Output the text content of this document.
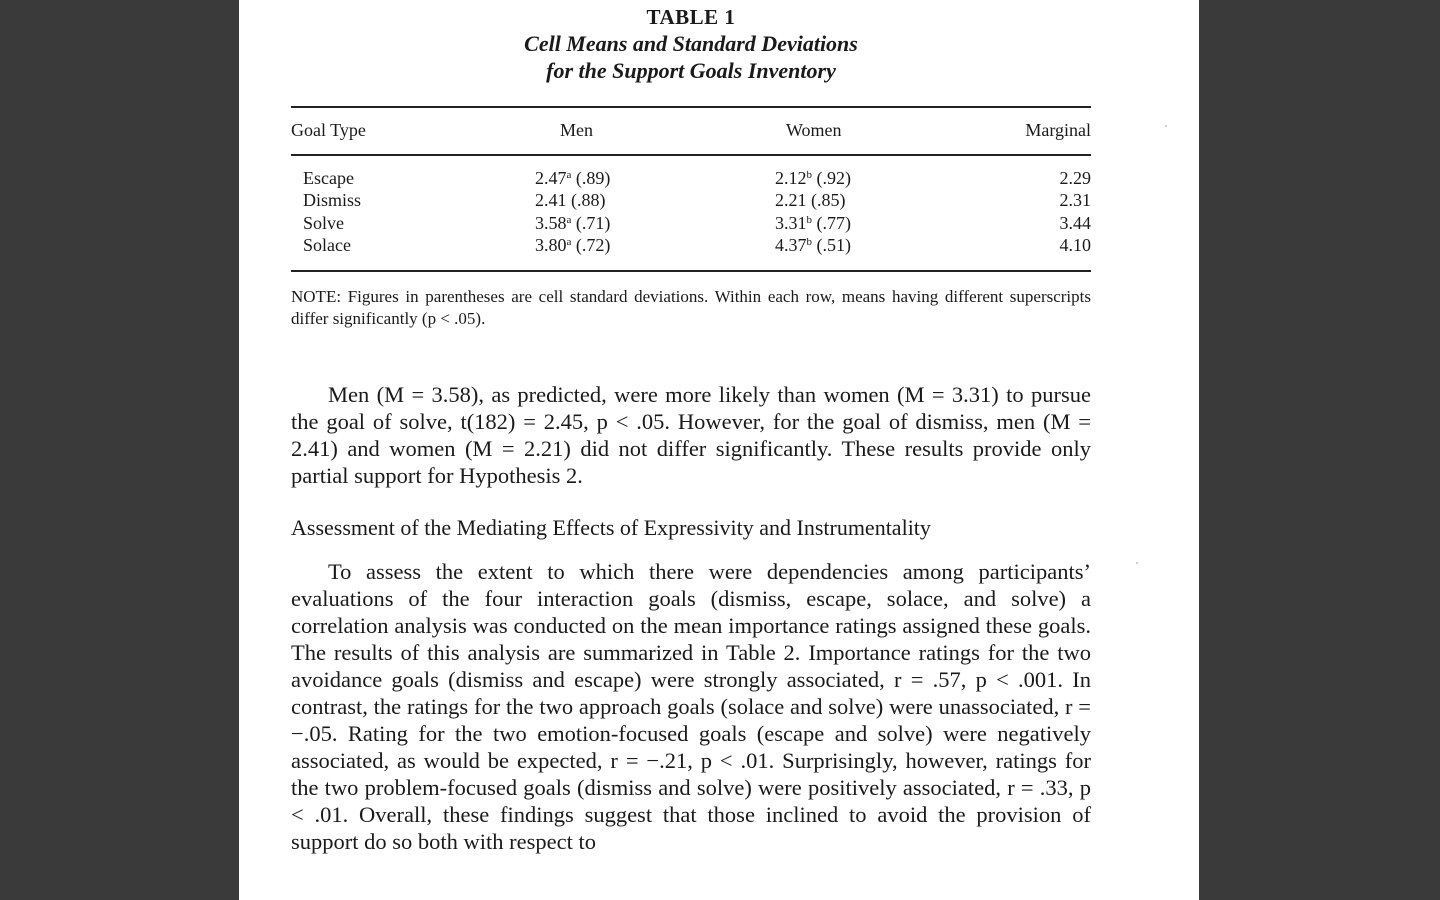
TABLE 1
Cell Means and Standard Deviations
for the Support Goals Inventory
Goal Type	Men	Women	Marginal
Escape	2.47$^a$ (.89)	2.12$^b$ (.92)	2.29
Dismiss	2.41 (.88)	2.21 (.85)	2.31
Solve	3.58$^a$ (.71)	3.31$^b$ (.77)	3.44
Solace	3.80$^a$ (.72)	4.37$^b$ (.51)	4.10
NOTE: Figures in parentheses are cell standard deviations. Within each row, means having different superscripts differ significantly (p < .05).
Men (M = 3.58), as predicted, were more likely than women (M = 3.31) to pursue the goal of solve, t(182) = 2.45, p < .05. However, for the goal of dismiss, men (M = 2.41) and women (M = 2.21) did not differ significantly. These results provide only partial support for Hypothesis 2.
Assessment of the Mediating Effects of Expressivity and Instrumentality
To assess the extent to which there were dependencies among participants’ evaluations of the four interaction goals (dismiss, escape, solace, and solve) a correlation analysis was conducted on the mean importance ratings assigned these goals. The results of this analysis are summarized in Table 2. Importance ratings for the two avoidance goals (dismiss and escape) were strongly associated, r = .57, p < .001. In contrast, the ratings for the two approach goals (solace and solve) were unassociated, r = −.05. Rating for the two emotion-focused goals (escape and solve) were negatively associated, as would be expected, r = −.21, p < .01. Surprisingly, however, ratings for the two problem-focused goals (dismiss and solve) were positively associated, r = .33, p < .01. Overall, these findings suggest that those inclined to avoid the provision of support do so both with respect to
